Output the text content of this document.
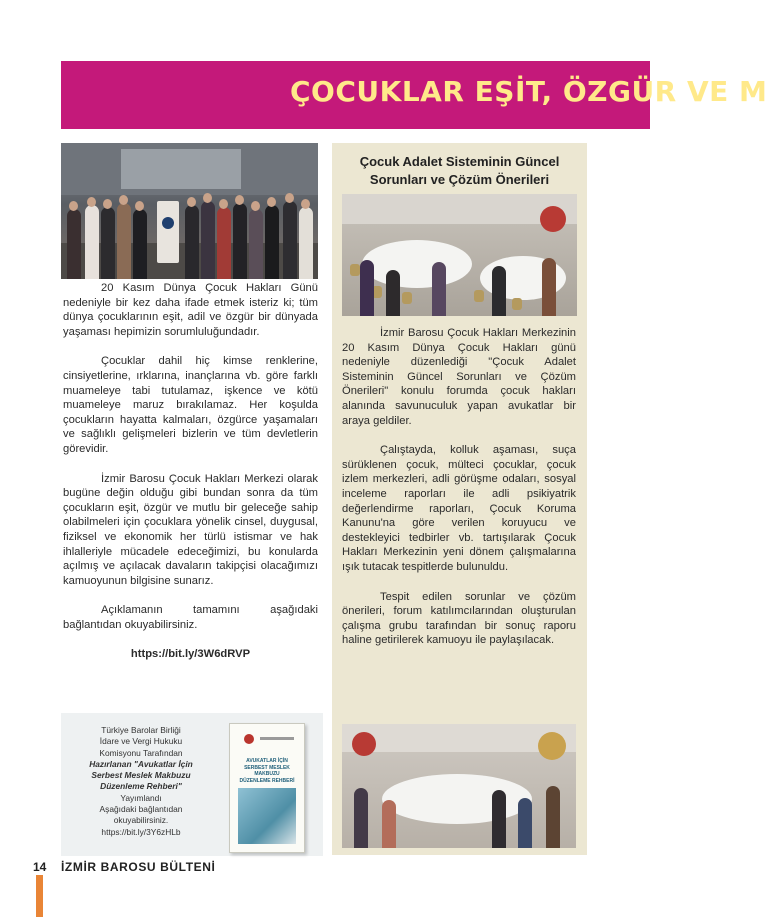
ÇOCUKLAR EŞİT, ÖZGÜR VE M

20 Kasım Dünya Çocuk Hakları Günü nedeniyle bir kez daha ifade etmek isteriz ki; tüm dünya çocuklarının eşit, adil ve özgür bir dünyada yaşaması hepimizin sorumluluğundadır.

Çocuklar dahil hiç kimse renklerine, cinsiyetlerine, ırklarına, inançlarına vb. göre farklı muameleye tabi tutulamaz, işkence ve kötü muameleye maruz bırakılamaz. Her koşulda çocukların hayatta kalmaları, özgürce yaşamaları ve sağlıklı gelişmeleri bizlerin ve tüm devletlerin görevidir.

İzmir Barosu Çocuk Hakları Merkezi olarak bugüne değin olduğu gibi bundan sonra da tüm çocukların eşit, özgür ve mutlu bir geleceğe sahip olabilmeleri için çocuklara yönelik cinsel, duygusal, fiziksel ve ekonomik her türlü istismar ve hak ihlalleriyle mücadele edeceğimizi, bu konularda açılmış ve açılacak davaların takipçisi olacağımızı kamuoyunun bilgisine sunarız.

Açıklamanın tamamını aşağıdaki bağlantıdan okuyabilirsiniz.

https://bit.ly/3W6dRVP

Türkiye Barolar Birliği
İdare ve Vergi Hukuku
Komisyonu Tarafından
Hazırlanan "Avukatlar İçin
Serbest Meslek Makbuzu
Düzenleme Rehberi"
Yayımlandı
Aşağıdaki bağlantıdan
okuyabilirsiniz.
https://bit.ly/3Y6zHLb
AVUKATLAR İÇİN
SERBEST MESLEK MAKBUZU
DÜZENLEME REHBERİ
Çocuk Adalet Sisteminin Güncel
Sorunları ve Çözüm Önerileri

İzmir Barosu Çocuk Hakları Merkezinin 20 Kasım Dünya Çocuk Hakları günü nedeniyle düzenlediği "Çocuk Adalet Sisteminin Güncel Sorunları ve Çözüm Önerileri" konulu forumda çocuk hakları alanında savunuculuk yapan avukatlar bir araya geldiler.

Çalıştayda, kolluk aşaması, suça sürüklenen çocuk, mülteci çocuklar, çocuk izlem merkezleri, adli görüşme odaları, sosyal inceleme raporları ile adli psikiyatrik değerlendirme raporları, Çocuk Koruma Kanunu'na göre verilen koruyucu ve destekleyici tedbirler vb. tartışılarak Çocuk Hakları Merkezinin yeni dönem çalışmalarına ışık tutacak tespitlerde bulunuldu.

Tespit edilen sorunlar ve çözüm önerileri, forum katılımcılarından oluşturulan çalışma grubu tarafından bir sonuç raporu haline getirilerek kamuoyu ile paylaşılacak.

14 İZMİR BAROSU BÜLTENİ
